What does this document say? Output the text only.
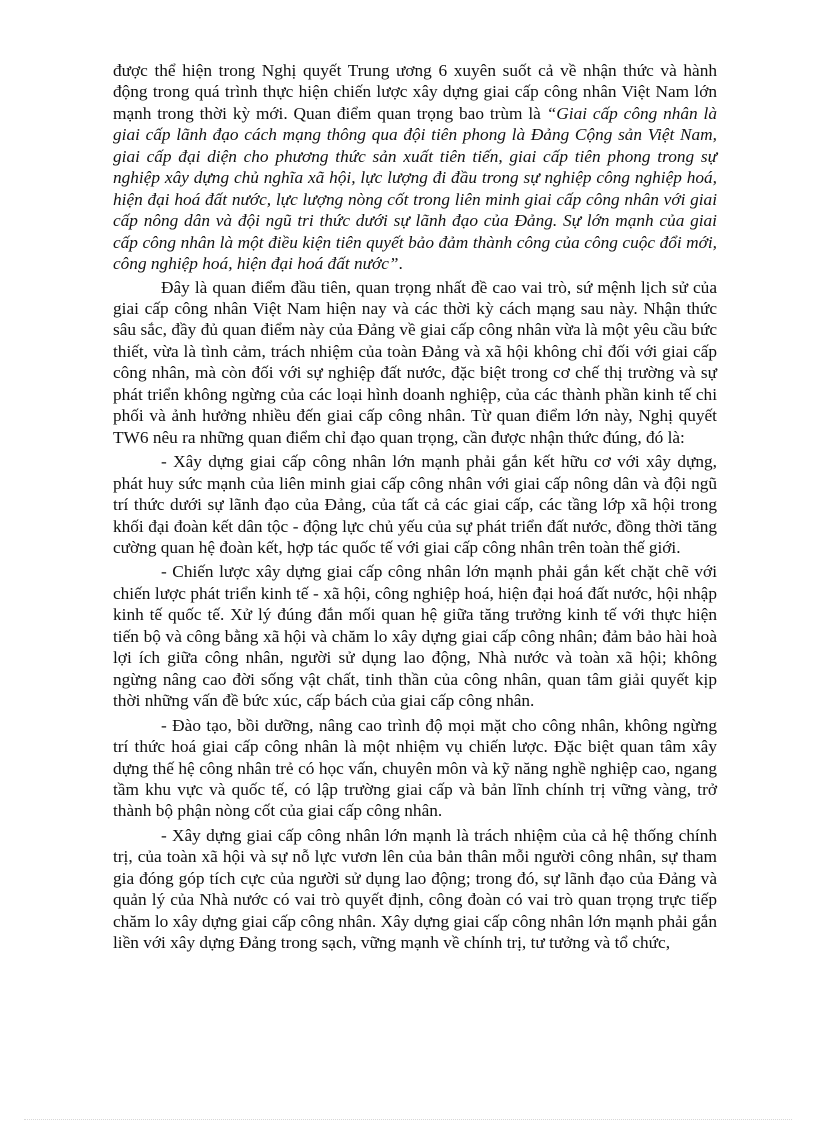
được thể hiện trong Nghị quyết Trung ương 6 xuyên suốt cả về nhận thức và hành động trong quá trình thực hiện chiến lược xây dựng giai cấp công nhân Việt Nam lớn mạnh trong thời kỳ mới. Quan điểm quan trọng bao trùm là “Giai cấp công nhân là giai cấp lãnh đạo cách mạng thông qua đội tiên phong là Đảng Cộng sản Việt Nam, giai cấp đại diện cho phương thức sản xuất tiên tiến, giai cấp tiên phong trong sự nghiệp xây dựng chủ nghĩa xã hội, lực lượng đi đầu trong sự nghiệp công nghiệp hoá, hiện đại hoá đất nước, lực lượng nòng cốt trong liên minh giai cấp công nhân với giai cấp nông dân và đội ngũ tri thức dưới sự lãnh đạo của Đảng. Sự lớn mạnh của giai cấp công nhân là một điều kiện tiên quyết bảo đảm thành công của công cuộc đổi mới, công nghiệp hoá, hiện đại hoá đất nước”.

Đây là quan điểm đầu tiên, quan trọng nhất đề cao vai trò, sứ mệnh lịch sử của giai cấp công nhân Việt Nam hiện nay và các thời kỳ cách mạng sau này. Nhận thức sâu sắc, đầy đủ quan điểm này của Đảng về giai cấp công nhân vừa là một yêu cầu bức thiết, vừa là tình cảm, trách nhiệm của toàn Đảng và xã hội không chỉ đối với giai cấp công nhân, mà còn đối với sự nghiệp đất nước, đặc biệt trong cơ chế thị trường và sự phát triển không ngừng của các loại hình doanh nghiệp, của các thành phần kinh tế chi phối và ảnh hưởng nhiều đến giai cấp công nhân. Từ quan điểm lớn này, Nghị quyết TW6 nêu ra những quan điểm chỉ đạo quan trọng, cần được nhận thức đúng, đó là:

- Xây dựng giai cấp công nhân lớn mạnh phải gắn kết hữu cơ với xây dựng, phát huy sức mạnh của liên minh giai cấp công nhân với giai cấp nông dân và đội ngũ trí thức dưới sự lãnh đạo của Đảng, của tất cả các giai cấp, các tầng lớp xã hội trong khối đại đoàn kết dân tộc - động lực chủ yếu của sự phát triển đất nước, đồng thời tăng cường quan hệ đoàn kết, hợp tác quốc tế với giai cấp công nhân trên toàn thế giới.

- Chiến lược xây dựng giai cấp công nhân lớn mạnh phải gắn kết chặt chẽ với chiến lược phát triển kinh tế - xã hội, công nghiệp hoá, hiện đại hoá đất nước, hội nhập kinh tế quốc tế. Xử lý đúng đắn mối quan hệ giữa tăng trưởng kinh tế với thực hiện tiến bộ và công bằng xã hội và chăm lo xây dựng giai cấp công nhân; đảm bảo hài hoà lợi ích giữa công nhân, người sử dụng lao động, Nhà nước và toàn xã hội; không ngừng nâng cao đời sống vật chất, tinh thần của công nhân, quan tâm giải quyết kịp thời những vấn đề bức xúc, cấp bách của giai cấp công nhân.

- Đào tạo, bồi dưỡng, nâng cao trình độ mọi mặt cho công nhân, không ngừng trí thức hoá giai cấp công nhân là một nhiệm vụ chiến lược. Đặc biệt quan tâm xây dựng thế hệ công nhân trẻ có học vấn, chuyên môn và kỹ năng nghề nghiệp cao, ngang tầm khu vực và quốc tế, có lập trường giai cấp và bản lĩnh chính trị vững vàng, trở thành bộ phận nòng cốt của giai cấp công nhân.

- Xây dựng giai cấp công nhân lớn mạnh là trách nhiệm của cả hệ thống chính trị, của toàn xã hội và sự nỗ lực vươn lên của bản thân mỗi người công nhân, sự tham gia đóng góp tích cực của người sử dụng lao động; trong đó, sự lãnh đạo của Đảng và quản lý của Nhà nước có vai trò quyết định, công đoàn có vai trò quan trọng trực tiếp chăm lo xây dựng giai cấp công nhân. Xây dựng giai cấp công nhân lớn mạnh phải gắn liền với xây dựng Đảng trong sạch, vững mạnh về chính trị, tư tưởng và tổ chức,
